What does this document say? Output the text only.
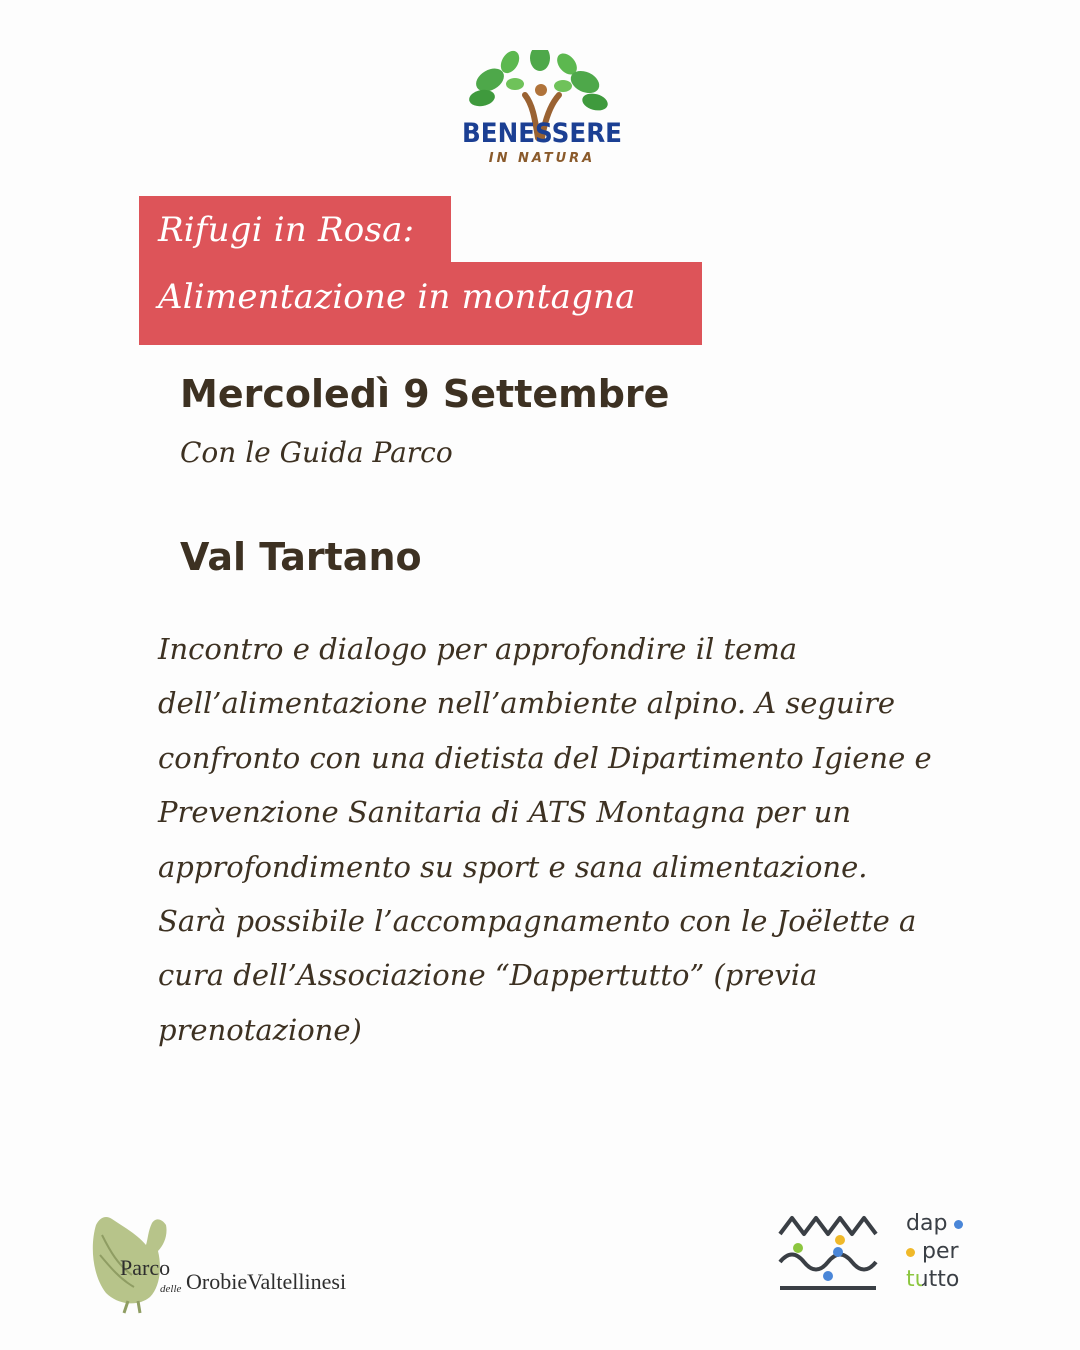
BENESSERE
IN NATURA
Rifugi in Rosa:
Alimentazione in montagna
Mercoledì 9 Settembre
Con le Guida Parco
Val Tartano
Incontro e dialogo per approfondire il tema
dell’alimentazione nell’ambiente alpino. A seguire
confronto con una dietista del Dipartimento Igiene e
Prevenzione Sanitaria di ATS Montagna per un
approfondimento su sport e sana alimentazione.
Sarà possibile l’accompagnamento con le Joëlette a
cura dell’Associazione “Dappertutto” (previa
prenotazione)
Parco
delle OrobieValtellinesi
dap
per
tutto
